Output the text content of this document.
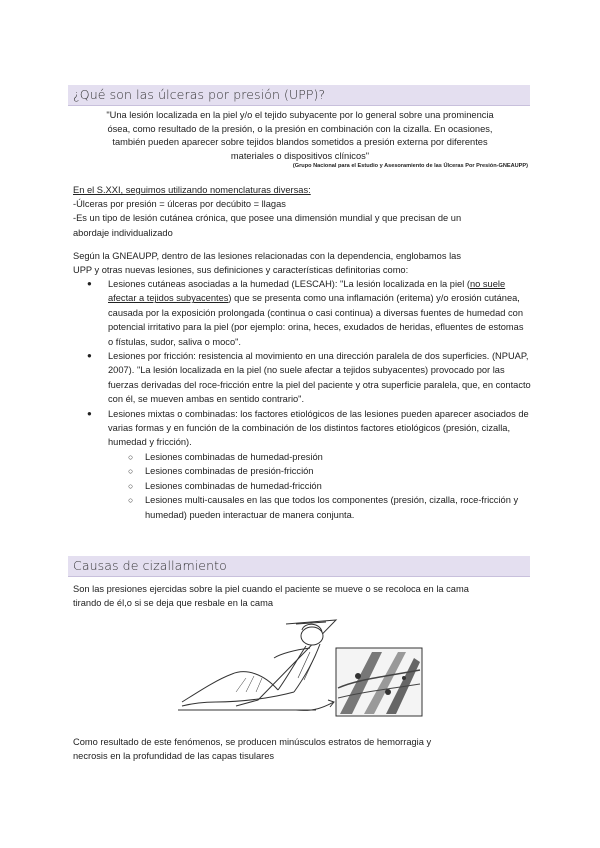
¿Qué son las úlceras por presión (UPP)?
"Una lesión localizada en la piel y/o el tejido subyacente por lo general sobre una prominencia
ósea, como resultado de la presión, o la presión en combinación con la cizalla. En ocasiones,
también pueden aparecer sobre tejidos blandos sometidos a presión externa por diferentes
materiales o dispositivos clínicos"
(Grupo Nacional para el Estudio y Asesoramiento de las Úlceras Por Presión-GNEAUPP)
En el S.XXI, seguimos utilizando nomenclaturas diversas:
-Úlceras por presión = úlceras por decúbito = llagas
-Es un tipo de lesión cutánea crónica, que posee una dimensión mundial y que precisan de un
abordaje individualizado
Según la GNEAUPP, dentro de las lesiones relacionadas con la dependencia, englobamos las
UPP y otras nuevas lesiones, sus definiciones y características definitorias como:
● Lesiones cutáneas asociadas a la humedad (LESCAH): "La lesión localizada en la piel (no suele afectar a tejidos subyacentes) que se presenta como una inflamación (eritema) y/o erosión cutánea, causada por la exposición prolongada (continua o casi continua) a diversas fuentes de humedad con potencial irritativo para la piel (por ejemplo: orina, heces, exudados de heridas, efluentes de estomas o fístulas, sudor, saliva o moco".
● Lesiones por fricción: resistencia al movimiento en una dirección paralela de dos superficies. (NPUAP, 2007). "La lesión localizada en la piel (no suele afectar a tejidos subyacentes) provocado por las fuerzas derivadas del roce-fricción entre la piel del paciente y otra superficie paralela, que, en contacto con él, se mueven ambas en sentido contrario".
● Lesiones mixtas o combinadas: los factores etiológicos de las lesiones pueden aparecer asociados de varias formas y en función de la combinación de los distintos factores etiológicos (presión, cizalla, humedad y fricción).
○ Lesiones combinadas de humedad-presión
○ Lesiones combinadas de presión-fricción
○ Lesiones combinadas de humedad-fricción
○ Lesiones multi-causales en las que todos los componentes (presión, cizalla, roce-fricción y humedad) pueden interactuar de manera conjunta.
Causas de cizallamiento
Son las presiones ejercidas sobre la piel cuando el paciente se mueve o se recoloca en la cama
tirando de él,o si se deja que resbale en la cama
Como resultado de este fenómenos, se producen minúsculos estratos de hemorragia y
necrosis en la profundidad de las capas tisulares
